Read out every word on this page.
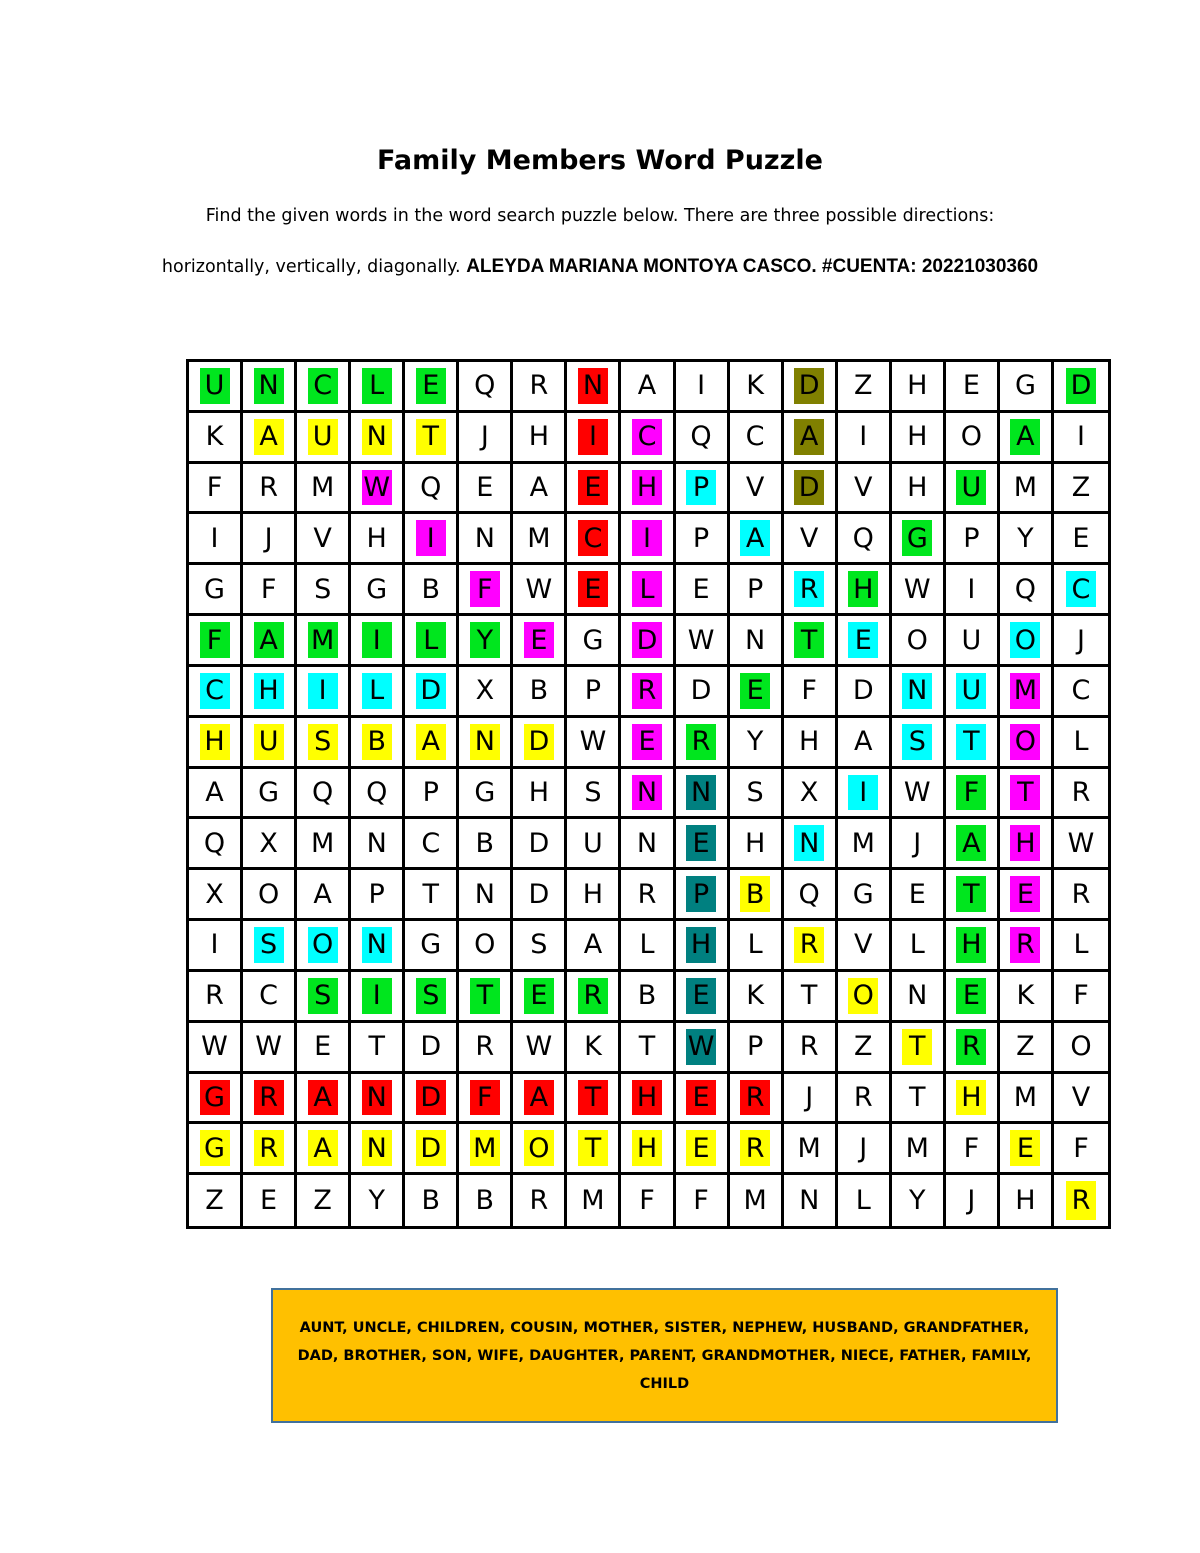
Family Members Word Puzzle
Find the given words in the word search puzzle below. There are three possible directions:
horizontally, vertically, diagonally. ALEYDA MARIANA MONTOYA CASCO. #CUENTA: 20221030360
U N C L E Q R N A I K D Z H E G D
K A U N T J H I C Q C A I H O A I
F R M W Q E A E H P V D V H U M Z
I J V H I N M C I P A V Q G P Y E
G F S G B F W E L E P R H W I Q C
F A M I L Y E G D W N T E O U O J
C H I L D X B P R D E F D N U M C
H U S B A N D W E R Y H A S T O L
A G Q Q P G H S N N S X I W F T R
Q X M N C B D U N E H N M J A H W
X O A P T N D H R P B Q G E T E R
I S O N G O S A L H L R V L H R L
R C S I S T E R B E K T O N E K F
W W E T D R W K T W P R Z T R Z O
G R A N D F A T H E R J R T H M V
G R A N D M O T H E R M J M F E F
Z E Z Y B B R M F F M N L Y J H R

AUNT, UNCLE, CHILDREN, COUSIN, MOTHER, SISTER, NEPHEW, HUSBAND, GRANDFATHER, DAD, BROTHER, SON, WIFE, DAUGHTER, PARENT, GRANDMOTHER, NIECE, FATHER, FAMILY, CHILD
